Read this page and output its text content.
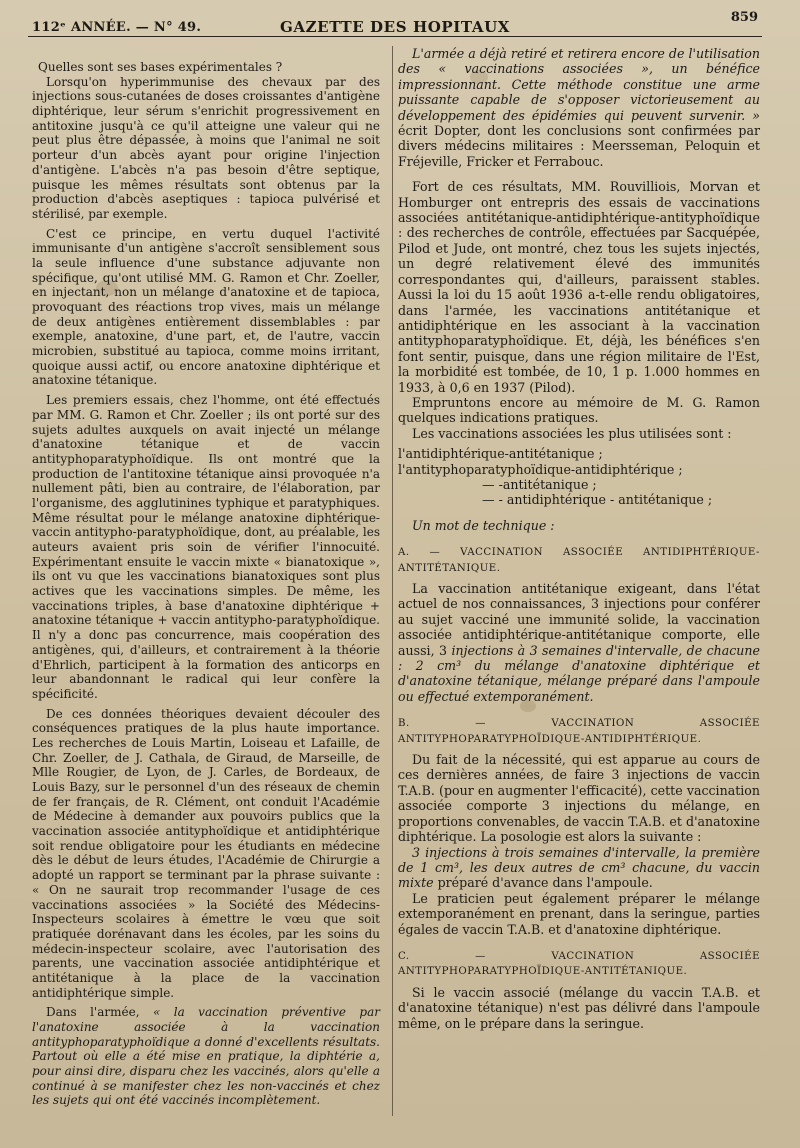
112ᵉ ANNÉE. — N° 49.	GAZETTE DES HOPITAUX
859

Quelles sont ses bases expérimentales ?

Lorsqu'on hyperimmunise des chevaux par des injections sous-cutanées de doses croissantes d'antigène diphtérique, leur sérum s'enrichit progressivement en antitoxine jusqu'à ce qu'il atteigne une valeur qui ne peut plus être dépassée, à moins que l'animal ne soit porteur d'un abcès ayant pour origine l'injection d'antigène. L'abcès n'a pas besoin d'être septique, puisque les mêmes résultats sont obtenus par la production d'abcès aseptiques : tapioca pulvérisé et stérilisé, par exemple.

C'est ce principe, en vertu duquel l'activité immunisante d'un antigène s'accroît sensiblement sous la seule influence d'une substance adjuvante non spécifique, qu'ont utilisé MM. G. Ramon et Chr. Zoeller, en injectant, non un mélange d'anatoxine et de tapioca, provoquant des réactions trop vives, mais un mélange de deux antigènes entièrement dissemblables : par exemple, anatoxine, d'une part, et, de l'autre, vaccin microbien, substitué au tapioca, comme moins irritant, quoique aussi actif, ou encore anatoxine diphtérique et anatoxine tétanique.

Les premiers essais, chez l'homme, ont été effectués par MM. G. Ramon et Chr. Zoeller ; ils ont porté sur des sujets adultes auxquels on avait injecté un mélange d'anatoxine tétanique et de vaccin antityphoparatyphoïdique. Ils ont montré que la production de l'antitoxine tétanique ainsi provoquée n'a nullement pâti, bien au contraire, de l'élaboration, par l'organisme, des agglutinines typhique et paratyphiques. Même résultat pour le mélange anatoxine diphtérique-vaccin antitypho-paratyphoïdique, dont, au préalable, les auteurs avaient pris soin de vérifier l'innocuité. Expérimentant ensuite le vaccin mixte « bianatoxique », ils ont vu que les vaccinations bianatoxiques sont plus actives que les vaccinations simples. De même, les vaccinations triples, à base d'anatoxine diphtérique + anatoxine tétanique + vaccin antitypho-paratyphoïdique. Il n'y a donc pas concurrence, mais coopération des antigènes, qui, d'ailleurs, et contrairement à la théorie d'Ehrlich, participent à la formation des anticorps en leur abandonnant le radical qui leur confère la spécificité.

De ces données théoriques devaient découler des conséquences pratiques de la plus haute importance. Les recherches de Louis Martin, Loiseau et Lafaille, de Chr. Zoeller, de J. Cathala, de Giraud, de Marseille, de Mlle Rougier, de Lyon, de J. Carles, de Bordeaux, de Louis Bazy, sur le personnel d'un des réseaux de chemin de fer français, de R. Clément, ont conduit l'Académie de Médecine à demander aux pouvoirs publics que la vaccination associée antityphoïdique et antidiphtérique soit rendue obligatoire pour les étudiants en médecine dès le début de leurs études, l'Académie de Chirurgie a adopté un rapport se terminant par la phrase suivante : « On ne saurait trop recommander l'usage de ces vaccinations associées » la Société des Médecins-Inspecteurs scolaires à émettre le vœu que soit pratiquée dorénavant dans les écoles, par les soins du médecin-inspecteur scolaire, avec l'autorisation des parents, une vaccination associée antidiphtérique et antitétanique à la place de la vaccination antidiphtérique simple.

Dans l'armée, « la vaccination préventive par l'anatoxine associée à la vaccination antityphoparatyphoïdique a donné d'excellents résultats. Partout où elle a été mise en pratique, la diphtérie a, pour ainsi dire, disparu chez les vaccinés, alors qu'elle a continué à se manifester chez les non-vaccinés et chez les sujets qui ont été vaccinés incomplètement.

L'armée a déjà retiré et retirera encore de l'utilisation des « vaccinations associées », un bénéfice impressionnant. Cette méthode constitue une arme puissante capable de s'opposer victorieusement au développement des épidémies qui peuvent survenir. » écrit Dopter, dont les conclusions sont confirmées par divers médecins militaires : Meersseman, Peloquin et Fréjeville, Fricker et Ferrabouc.

Fort de ces résultats, MM. Rouvilliois, Morvan et Homburger ont entrepris des essais de vaccinations associées antitétanique-antidiphtérique-antityphoïdique : des recherches de contrôle, effectuées par Sacquépée, Pilod et Jude, ont montré, chez tous les sujets injectés, un degré relativement élevé des immunités correspondantes qui, d'ailleurs, paraissent stables. Aussi la loi du 15 août 1936 a-t-elle rendu obligatoires, dans l'armée, les vaccinations antitétanique et antidiphtérique en les associant à la vaccination antityphoparatyphoïdique. Et, déjà, les bénéfices s'en font sentir, puisque, dans une région militaire de l'Est, la morbidité est tombée, de 10, 1 p. 1.000 hommes en 1933, à 0,6 en 1937 (Pilod).

Empruntons encore au mémoire de M. G. Ramon quelques indications pratiques.

Les vaccinations associées les plus utilisées sont :

l'antidiphtérique-antitétanique ;

l'antityphoparatyphoïdique-antidiphtérique ;

— -antitétanique ;

— - antidiphtérique - antitétanique ;

Un mot de technique :

A. — VACCINATION ASSOCIÉE ANTIDIPHTÉRIQUE-ANTITÉTANIQUE.

La vaccination antitétanique exigeant, dans l'état actuel de nos connaissances, 3 injections pour conférer au sujet vacciné une immunité solide, la vaccination associée antidiphtérique-antitétanique comporte, elle aussi, 3 injections à 3 semaines d'intervalle, de chacune : 2 cm³ du mélange d'anatoxine diphtérique et d'anatoxine tétanique, mélange préparé dans l'ampoule ou effectué extemporanément.

B. — VACCINATION ASSOCIÉE ANTITYPHOPARATYPHOÏDIQUE-ANTIDIPHTÉRIQUE.

Du fait de la nécessité, qui est apparue au cours de ces dernières années, de faire 3 injections de vaccin T.A.B. (pour en augmenter l'efficacité), cette vaccination associée comporte 3 injections du mélange, en proportions convenables, de vaccin T.A.B. et d'anatoxine diphtérique. La posologie est alors la suivante :

3 injections à trois semaines d'intervalle, la première de 1 cm³, les deux autres de cm³ chacune, du vaccin mixte préparé d'avance dans l'ampoule.

Le praticien peut également préparer le mélange extemporanément en prenant, dans la seringue, parties égales de vaccin T.A.B. et d'anatoxine diphtérique.

C. — VACCINATION ASSOCIÉE ANTITYPHOPARATYPHOÏDIQUE-ANTITÉTANIQUE.

Si le vaccin associé (mélange du vaccin T.A.B. et d'anatoxine tétanique) n'est pas délivré dans l'ampoule même, on le prépare dans la seringue.
